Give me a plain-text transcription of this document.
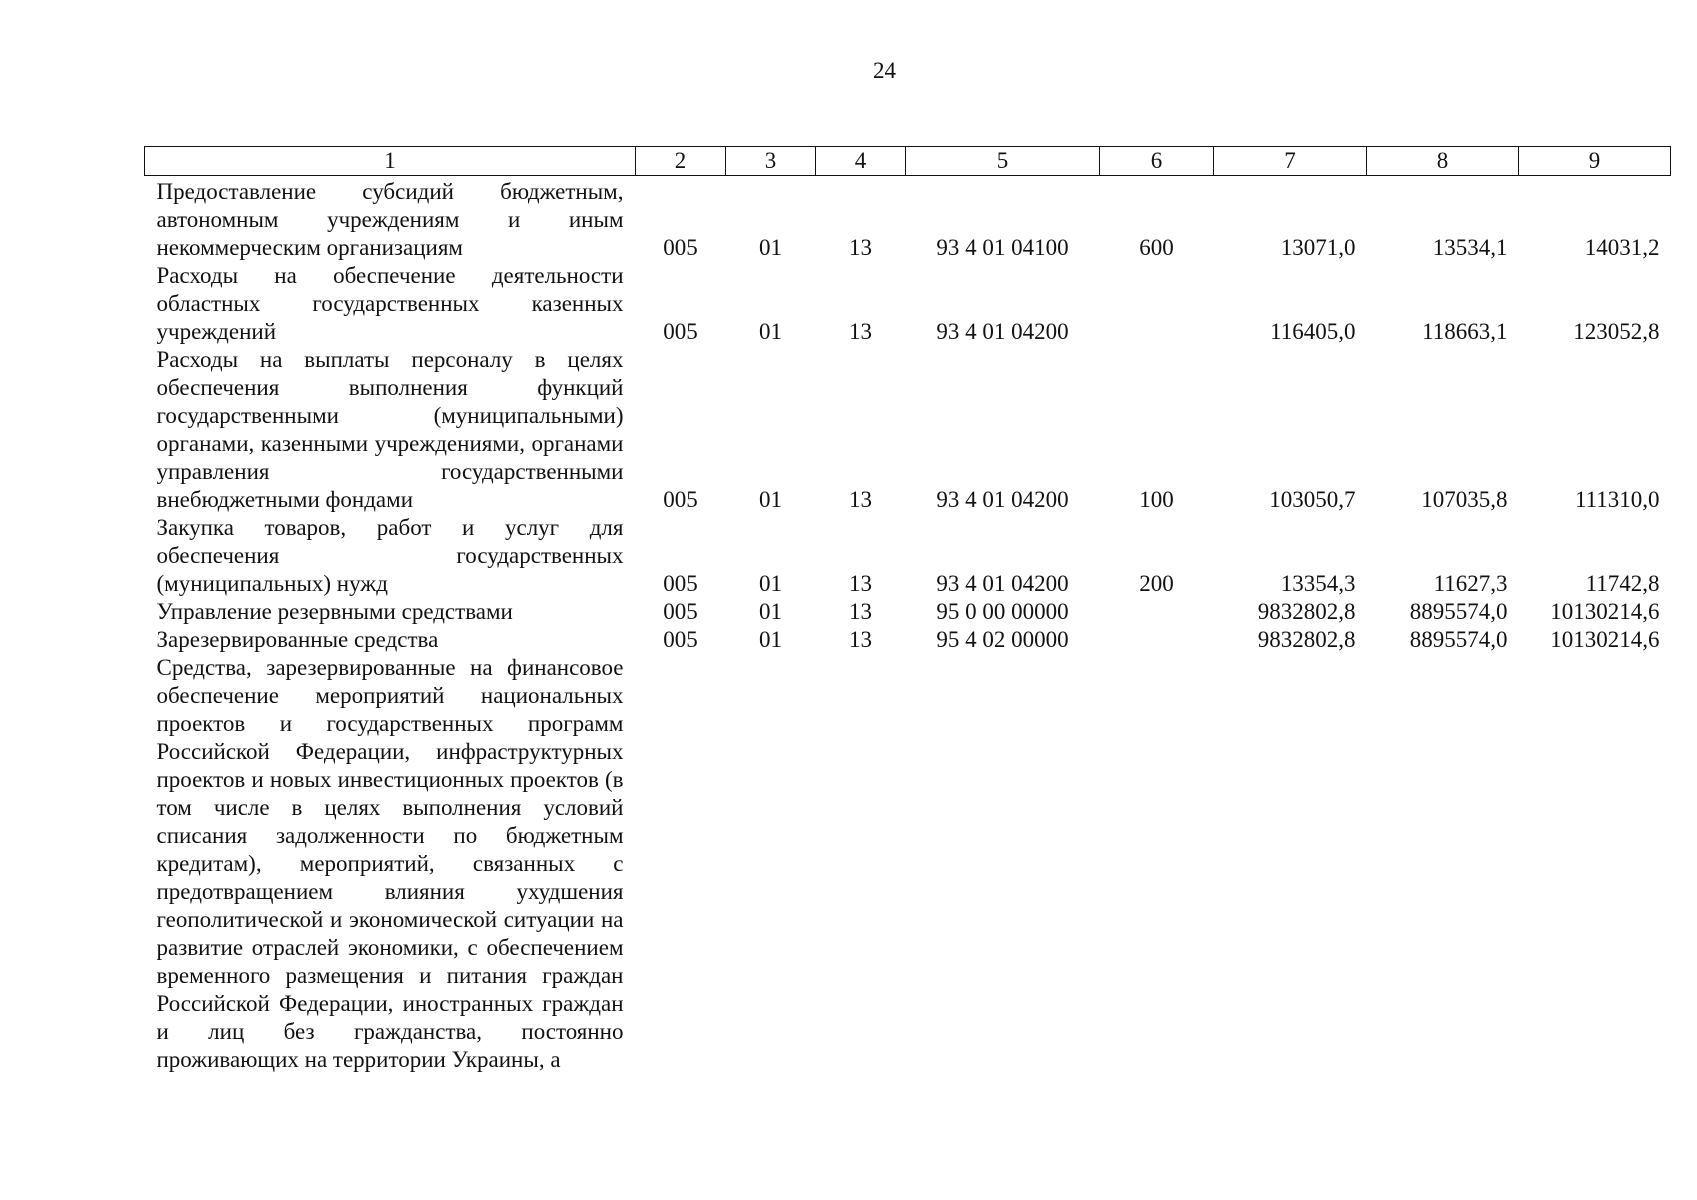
24
1	2	3	4	5	6	7	8	9
Предоставление субсидий бюджетным, автономным учреждениям и иным некоммерческим организациям	005	01	13	93 4 01 04100	600	13071,0	13534,1	14031,2
Расходы на обеспечение деятельности областных государственных казенных учреждений	005	01	13	93 4 01 04200		116405,0	118663,1	123052,8
Расходы на выплаты персоналу в целях обеспечения выполнения функций государственными (муниципальными) органами, казенными учреждениями, органами управления государственными внебюджетными фондами	005	01	13	93 4 01 04200	100	103050,7	107035,8	111310,0
Закупка товаров, работ и услуг для обеспечения государственных (муниципальных) нужд	005	01	13	93 4 01 04200	200	13354,3	11627,3	11742,8
Управление резервными средствами	005	01	13	95 0 00 00000		9832802,8	8895574,0	10130214,6
Зарезервированные средства	005	01	13	95 4 02 00000		9832802,8	8895574,0	10130214,6
Средства, зарезервированные на финансовое обеспечение мероприятий национальных проектов и государственных программ Российской Федерации, инфраструктурных проектов и новых инвестиционных проектов (в том числе в целях выполнения условий списания задолженности по бюджетным кредитам), мероприятий, связанных с предотвращением влияния ухудшения геополитической и экономической ситуации на развитие отраслей экономики, с обеспечением временного размещения и питания граждан Российской Федерации, иностранных граждан и лиц без гражданства, постоянно проживающих на территории Украины, а								
